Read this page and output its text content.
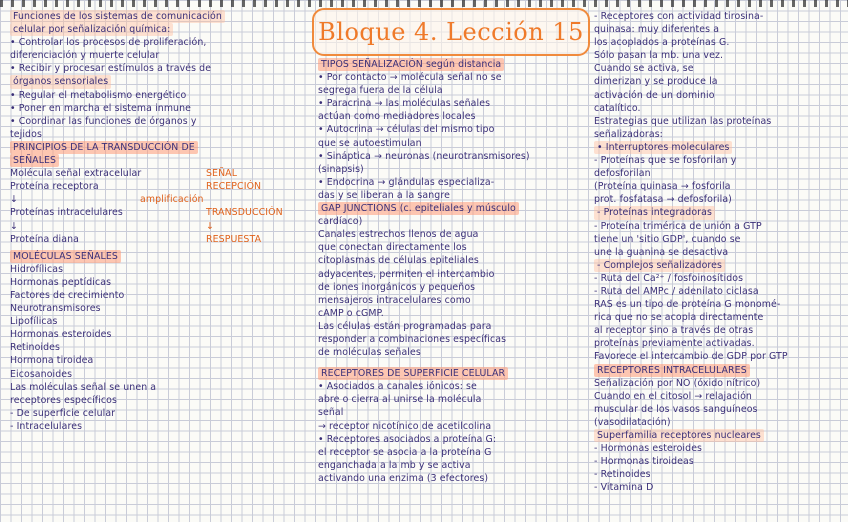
Bloque 4. Lección 15
Funciones de los sistemas de comunicación
celular por señalización química:
• Controlar los procesos de proliferación,
diferenciación y muerte celular
• Recibir y procesar estímulos a través de
órganos sensoriales
• Regular el metabolismo energético
• Poner en marcha el sistema inmune
• Coordinar las funciones de órganos y
tejidos
PRINCIPIOS DE LA TRANSDUCCIÓN DE
SEÑALES
Molécula señal extracelular	SEÑAL
Proteína receptora	RECEPCIÓN
↓	amplificación
Proteínas intracelulares	TRANSDUCCIÓN
↓	↓
Proteína diana	RESPUESTA
MOLÉCULAS SEÑALES
Hidrofílicas
Hormonas peptídicas
Factores de crecimiento
Neurotransmisores
Lipofílicas
Hormonas esteroides
Retinoides
Hormona tiroidea
Eicosanoides
Las moléculas señal se unen a
receptores específicos
- De superficie celular
- Intracelulares
TIPOS SEÑALIZACIÓN según distancia
• Por contacto → molécula señal no se
segrega fuera de la célula
• Paracrina → las moléculas señales
actúan como mediadores locales
• Autocrina → células del mismo tipo
que se autoestimulan
• Sináptica → neuronas (neurotransmisores)
(sinapsis)
• Endocrina → glándulas especializa-
das y se liberan a la sangre
GAP JUNCTIONS (c. epiteliales y músculo
cardíaco)
Canales estrechos llenos de agua
que conectan directamente los
citoplasmas de células epiteliales
adyacentes, permiten el intercambio
de iones inorgánicos y pequeños
mensajeros intracelulares como
cAMP o cGMP.
Las células están programadas para
responder a combinaciones específicas
de moléculas señales
RECEPTORES DE SUPERFICIE CELULAR
• Asociados a canales iónicos: se
abre o cierra al unirse la molécula
señal
→ receptor nicotínico de acetilcolina
• Receptores asociados a proteína G:
el receptor se asocia a la proteína G
enganchada a la mb y se activa
activando una enzima (3 efectores)
- Receptores con actividad tirosina-
quinasa: muy diferentes a
los acoplados a proteínas G.
Sólo pasan la mb. una vez.
Cuando se activa, se
dimerizan y se produce la
activación de un dominio
catalítico.
Estrategias que utilizan las proteínas
señalizadoras:
• Interruptores moleculares
- Proteínas que se fosforilan y
defosforilan
(Proteína quinasa → fosforila
prot. fosfatasa → defosforila)
- Proteínas integradoras
- Proteína trimérica de unión a GTP
tiene un 'sitio GDP', cuando se
une la guanina se desactiva
- Complejos señalizadores
- Ruta del Ca²⁺ / fosfoinosítidos
- Ruta del AMPc / adenilato ciclasa
RAS es un tipo de proteína G monomé-
rica que no se acopla directamente
al receptor sino a través de otras
proteínas previamente activadas.
Favorece el intercambio de GDP por GTP
RECEPTORES INTRACELULARES
Señalización por NO (óxido nítrico)
Cuando en el citosol → relajación
muscular de los vasos sanguíneos
(vasodilatación)
Superfamilia receptores nucleares
- Hormonas esteroides
- Hormonas tiroideas
- Retinoides
- Vitamina D
